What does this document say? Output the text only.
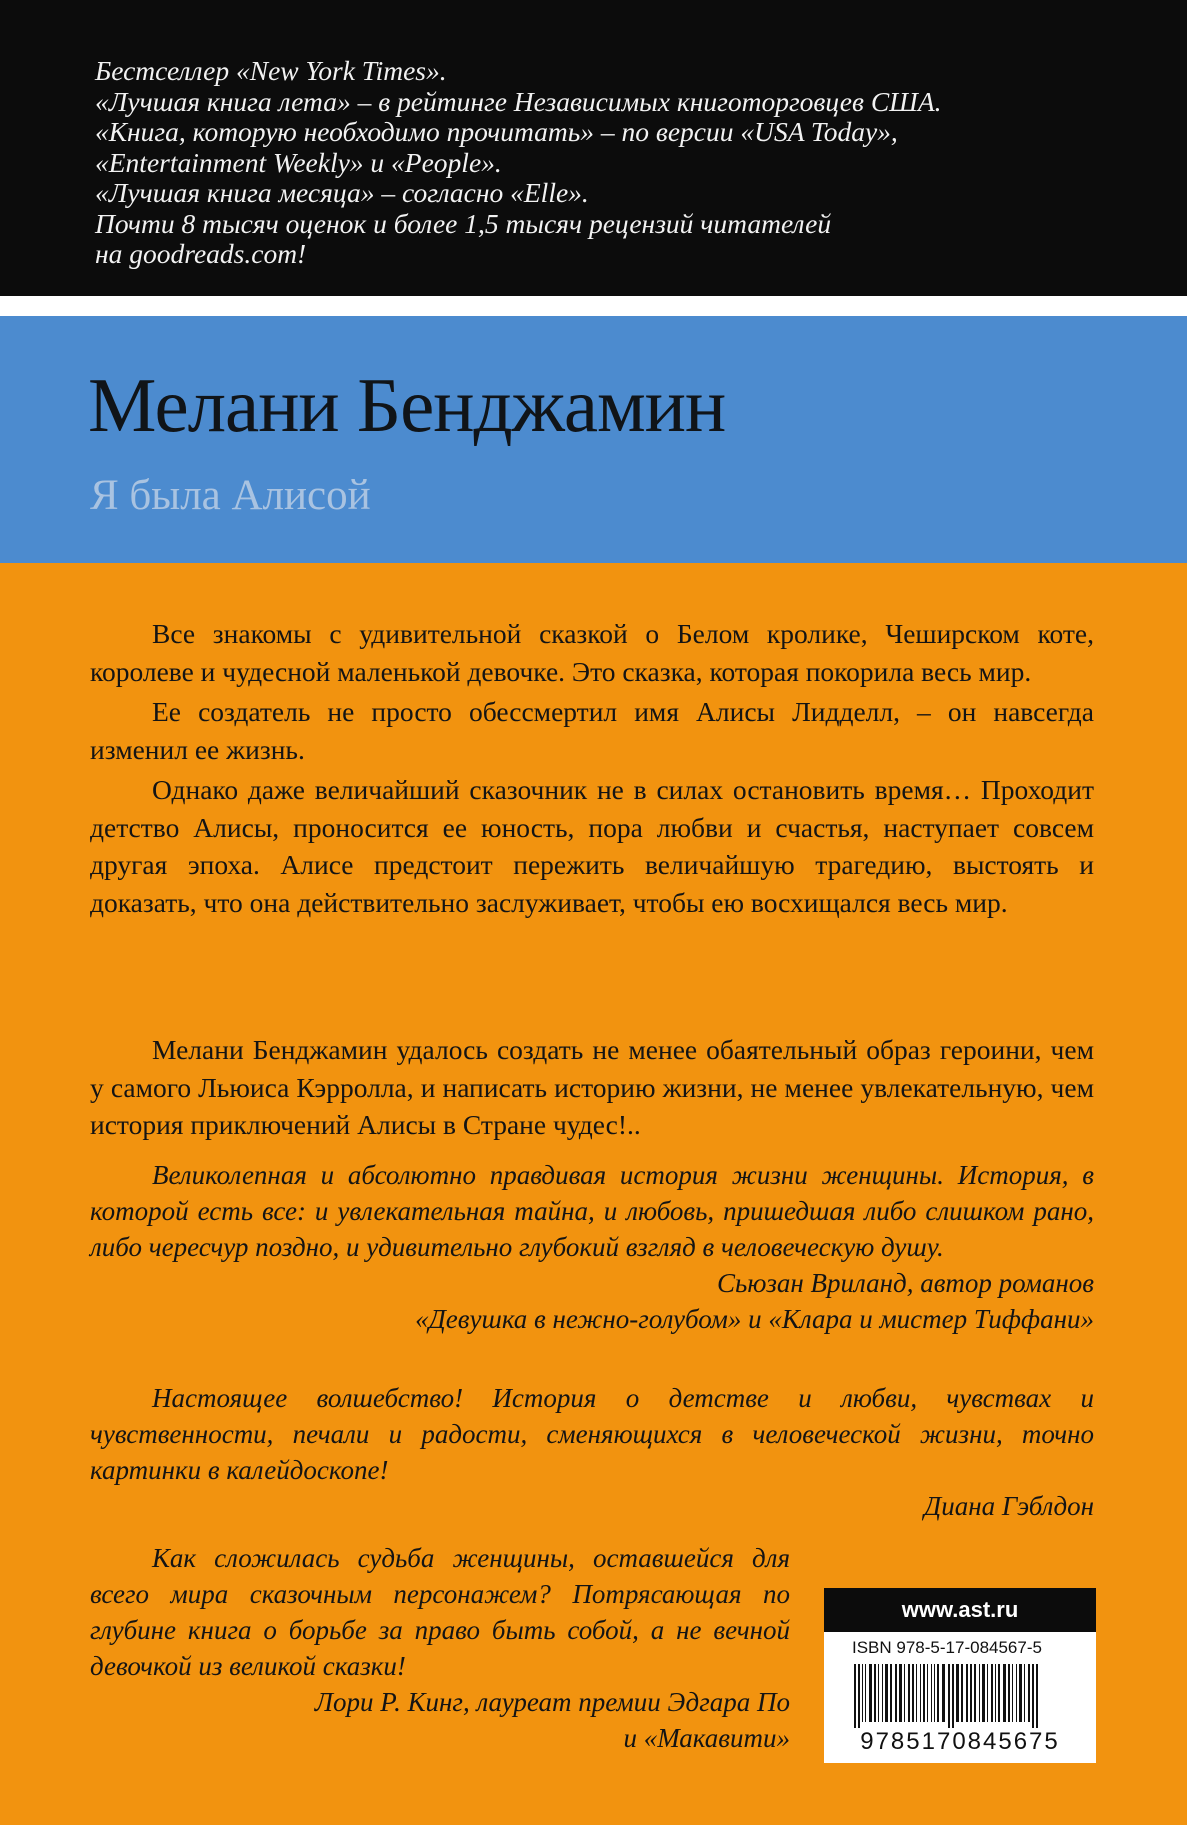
Бестселлер «New York Times».
«Лучшая книга лета» – в рейтинге Независимых книготорговцев США.
«Книга, которую необходимо прочитать» – по версии «USA Today»,
«Entertainment Weekly» и «People».
«Лучшая книга месяца» – согласно «Elle».
Почти 8 тысяч оценок и более 1,5 тысяч рецензий читателей
на goodreads.com!
Мелани Бенджамин
Я была Алисой

Все знакомы с удивительной сказкой о Белом кролике, Чеширском коте, королеве и чудесной маленькой девочке. Это сказка, которая покорила весь мир.

Ее создатель не просто обессмертил имя Алисы Лидделл, – он навсегда изменил ее жизнь.

Однако даже величайший сказочник не в силах остановить время… Проходит детство Алисы, проносится ее юность, пора любви и счастья, наступает совсем другая эпоха. Алисе предстоит пережить величайшую трагедию, выстоять и доказать, что она действительно заслуживает, чтобы ею восхищался весь мир.

Мелани Бенджамин удалось создать не менее обаятельный образ героини, чем у самого Льюиса Кэрролла, и написать историю жизни, не менее увлекательную, чем история приключений Алисы в Стране чудес!..

Великолепная и абсолютно правдивая история жизни женщины. История, в которой есть все: и увлекательная тайна, и любовь, пришедшая либо слишком рано, либо чересчур поздно, и удивительно глубокий взгляд в человеческую душу.

Сьюзан Вриланд, автор романов
«Девушка в нежно-голубом» и «Клара и мистер Тиффани»

Настоящее волшебство! История о детстве и любви, чувствах и чувственности, печали и радости, сменяющихся в человеческой жизни, точно картинки в калейдоскопе!

Диана Гэблдон

Как сложилась судьба женщины, оставшейся для всего мира сказочным персонажем? Потрясающая по глубине книга о борьбе за право быть собой, а не вечной девочкой из великой сказки!

Лори Р. Кинг, лауреат премии Эдгара По
и «Макавити»

www.ast.ru
ISBN 978-5-17-084567-5
9785170845675
